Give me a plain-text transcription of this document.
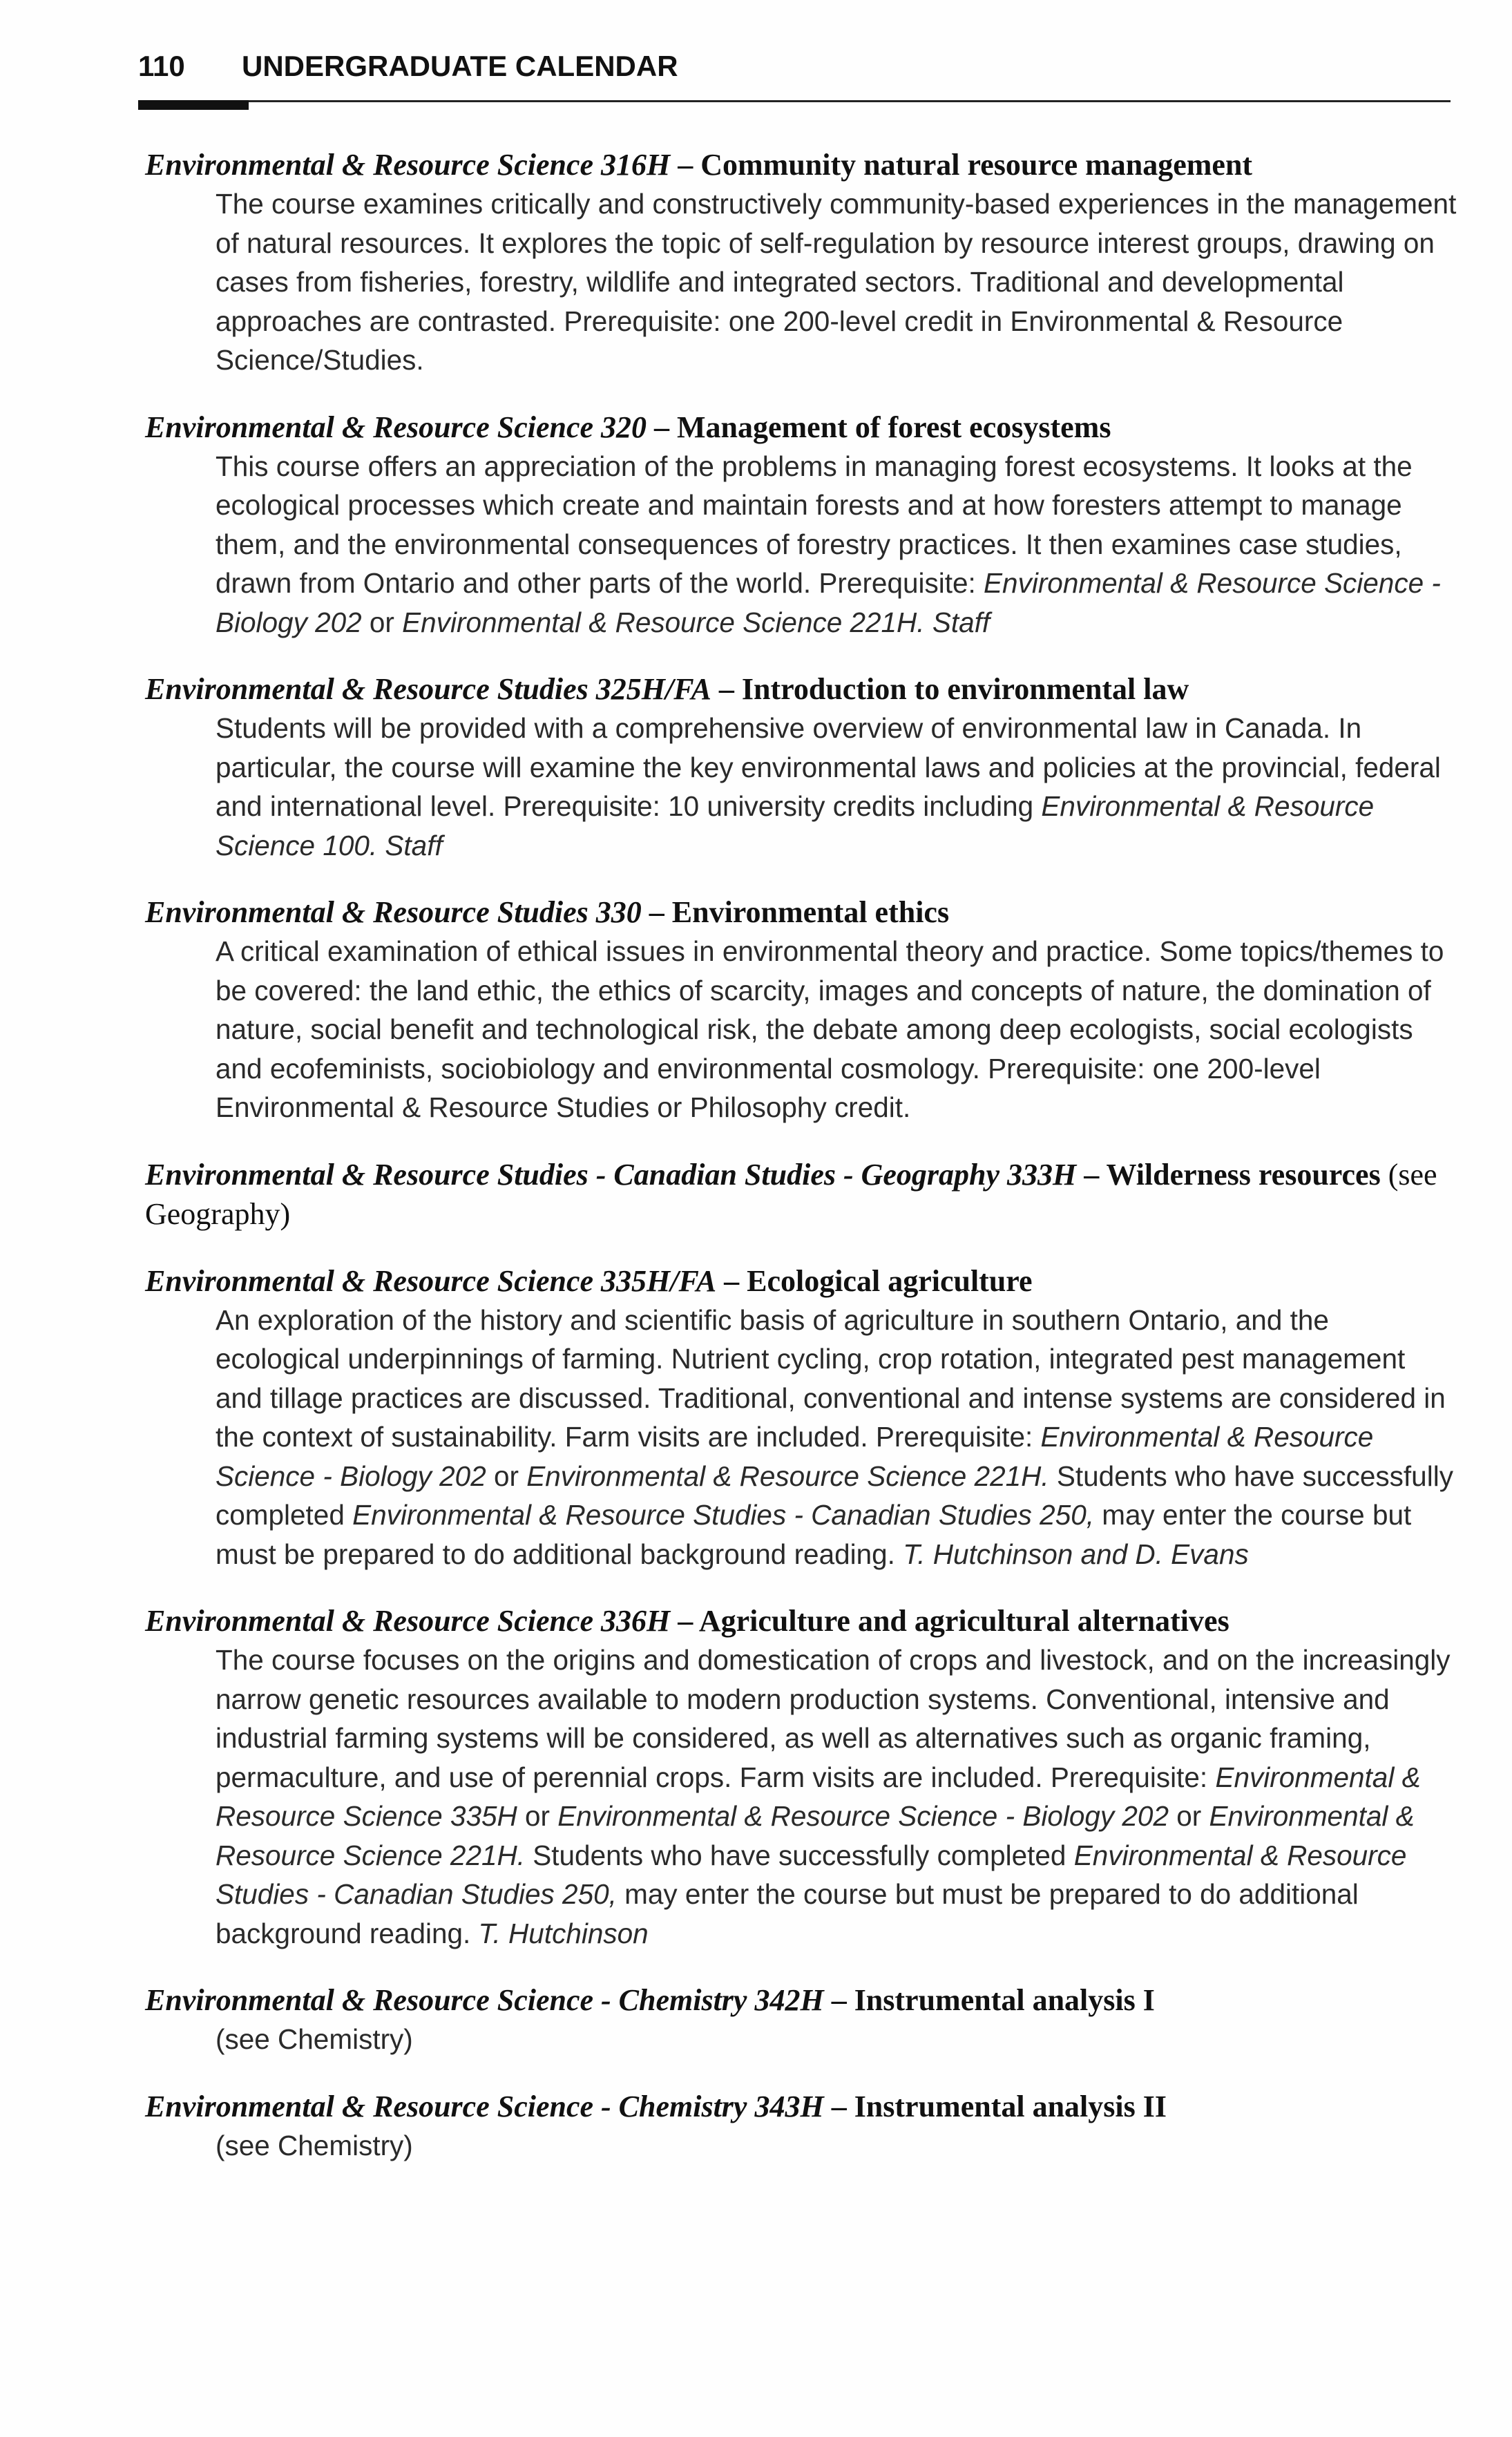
110 UNDERGRADUATE CALENDAR
Environmental & Resource Science 316H – Community natural resource management
The course examines critically and constructively community-based experiences in the management of natural resources. It explores the topic of self-regulation by resource interest groups, drawing on cases from fisheries, forestry, wildlife and integrated sectors. Traditional and developmental approaches are contrasted. Prerequisite: one 200-level credit in Environmental & Resource Science/Studies.
Environmental & Resource Science 320 – Management of forest ecosystems
This course offers an appreciation of the problems in managing forest ecosystems. It looks at the ecological processes which create and maintain forests and at how foresters attempt to manage them, and the environmental consequences of forestry practices. It then examines case studies, drawn from Ontario and other parts of the world. Prerequisite: Environmental & Resource Science - Biology 202 or Environmental & Resource Science 221H. Staff
Environmental & Resource Studies 325H/FA – Introduction to environmental law
Students will be provided with a comprehensive overview of environmental law in Canada. In particular, the course will examine the key environmental laws and policies at the provincial, federal and international level. Prerequisite: 10 university credits including Environmental & Resource Science 100. Staff
Environmental & Resource Studies 330 – Environmental ethics
A critical examination of ethical issues in environmental theory and practice. Some topics/themes to be covered: the land ethic, the ethics of scarcity, images and concepts of nature, the domination of nature, social benefit and technological risk, the debate among deep ecologists, social ecologists and ecofeminists, sociobiology and environmental cosmology. Prerequisite: one 200-level Environmental & Resource Studies or Philosophy credit.
Environmental & Resource Studies - Canadian Studies - Geography 333H – Wilderness resources (see Geography)
Environmental & Resource Science 335H/FA – Ecological agriculture
An exploration of the history and scientific basis of agriculture in southern Ontario, and the ecological underpinnings of farming. Nutrient cycling, crop rotation, integrated pest management and tillage practices are discussed. Traditional, conventional and intense systems are considered in the context of sustainability. Farm visits are included. Prerequisite: Environmental & Resource Science - Biology 202 or Environmental & Resource Science 221H. Students who have successfully completed Environmental & Resource Studies - Canadian Studies 250, may enter the course but must be prepared to do additional background reading. T. Hutchinson and D. Evans
Environmental & Resource Science 336H – Agriculture and agricultural alternatives
The course focuses on the origins and domestication of crops and livestock, and on the increasingly narrow genetic resources available to modern production systems. Conventional, intensive and industrial farming systems will be considered, as well as alternatives such as organic framing, permaculture, and use of perennial crops. Farm visits are included. Prerequisite: Environmental & Resource Science 335H or Environmental & Resource Science - Biology 202 or Environmental & Resource Science 221H. Students who have successfully completed Environmental & Resource Studies - Canadian Studies 250, may enter the course but must be prepared to do additional background reading. T. Hutchinson
Environmental & Resource Science - Chemistry 342H – Instrumental analysis I
(see Chemistry)
Environmental & Resource Science - Chemistry 343H – Instrumental analysis II
(see Chemistry)
